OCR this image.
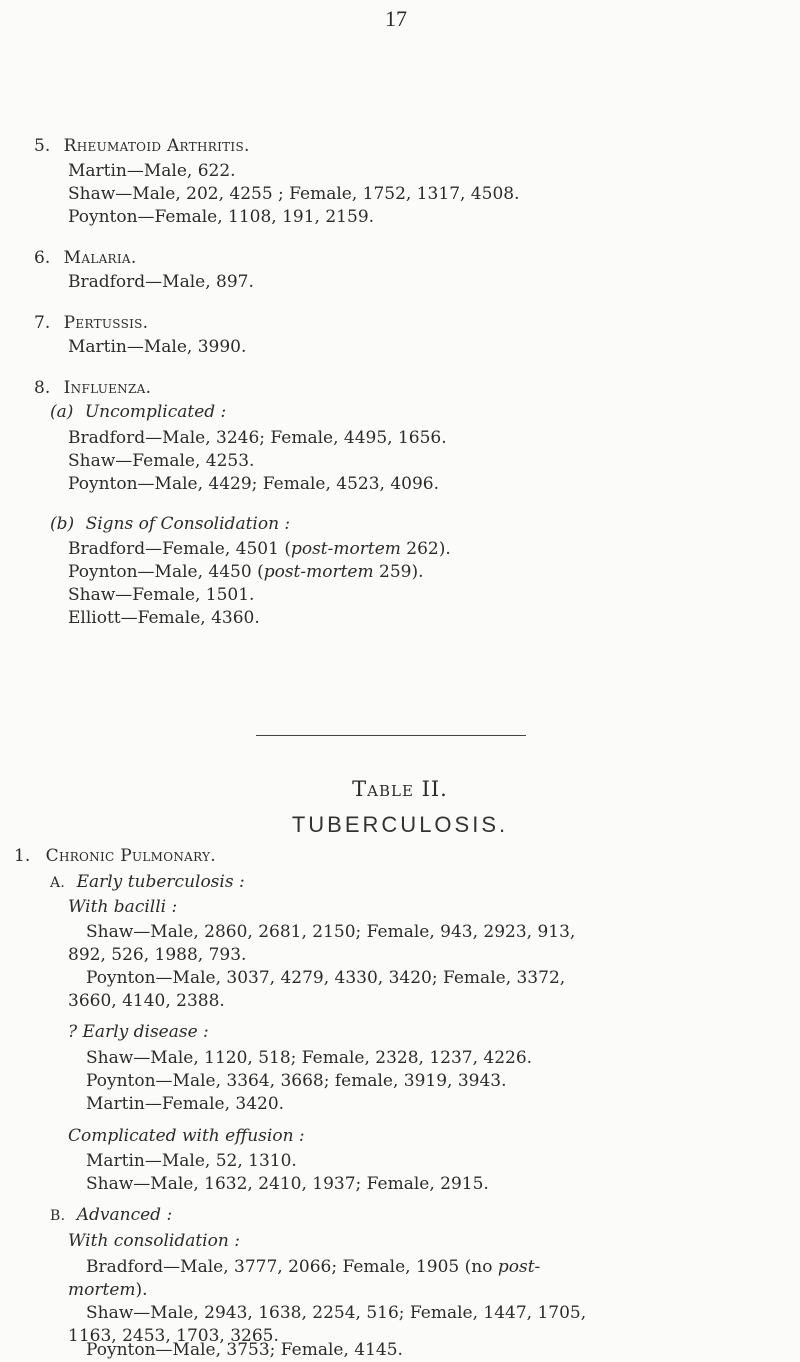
17
5. Rheumatoid Arthritis.
Martin—Male, 622.
Shaw—Male, 202, 4255 ; Female, 1752, 1317, 4508.
Poynton—Female, 1108, 191, 2159.
6. Malaria.
Bradford—Male, 897.
7. Pertussis.
Martin—Male, 3990.
8. Influenza.
(a) Uncomplicated :
Bradford—Male, 3246; Female, 4495, 1656.
Shaw—Female, 4253.
Poynton—Male, 4429; Female, 4523, 4096.
(b) Signs of Consolidation :
Bradford—Female, 4501 (post-mortem 262).
Poynton—Male, 4450 (post-mortem 259).
Shaw—Female, 1501.
Elliott—Female, 4360.
Table II.
TUBERCULOSIS.
1. Chronic Pulmonary.
A. Early tuberculosis :
With bacilli :
Shaw—Male, 2860, 2681, 2150; Female, 943, 2923, 913,
892, 526, 1988, 793.
Poynton—Male, 3037, 4279, 4330, 3420; Female, 3372,
3660, 4140, 2388.
? Early disease :
Shaw—Male, 1120, 518; Female, 2328, 1237, 4226.
Poynton—Male, 3364, 3668; female, 3919, 3943.
Martin—Female, 3420.
Complicated with effusion :
Martin—Male, 52, 1310.
Shaw—Male, 1632, 2410, 1937; Female, 2915.
B. Advanced :
With consolidation :
Bradford—Male, 3777, 2066; Female, 1905 (no post-
mortem).
Shaw—Male, 2943, 1638, 2254, 516; Female, 1447, 1705,
1163, 2453, 1703, 3265.
Poynton—Male, 3753; Female, 4145.
